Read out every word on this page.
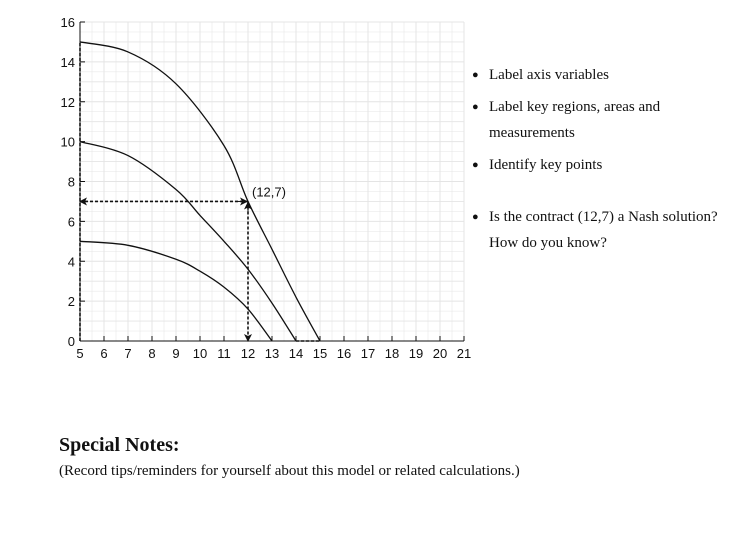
5 6 7 8 9 10 11 12 13 14 15 16 17 18 19 20 21
0
2
4
6
8
10
12
14
16
(12,7)
● Label axis variables
● Label key regions, areas and measurements
● Identify key points
● Is the contract (12,7) a Nash solution? How do you know?
Special Notes:

(Record tips/reminders for yourself about this model or related calculations.)
